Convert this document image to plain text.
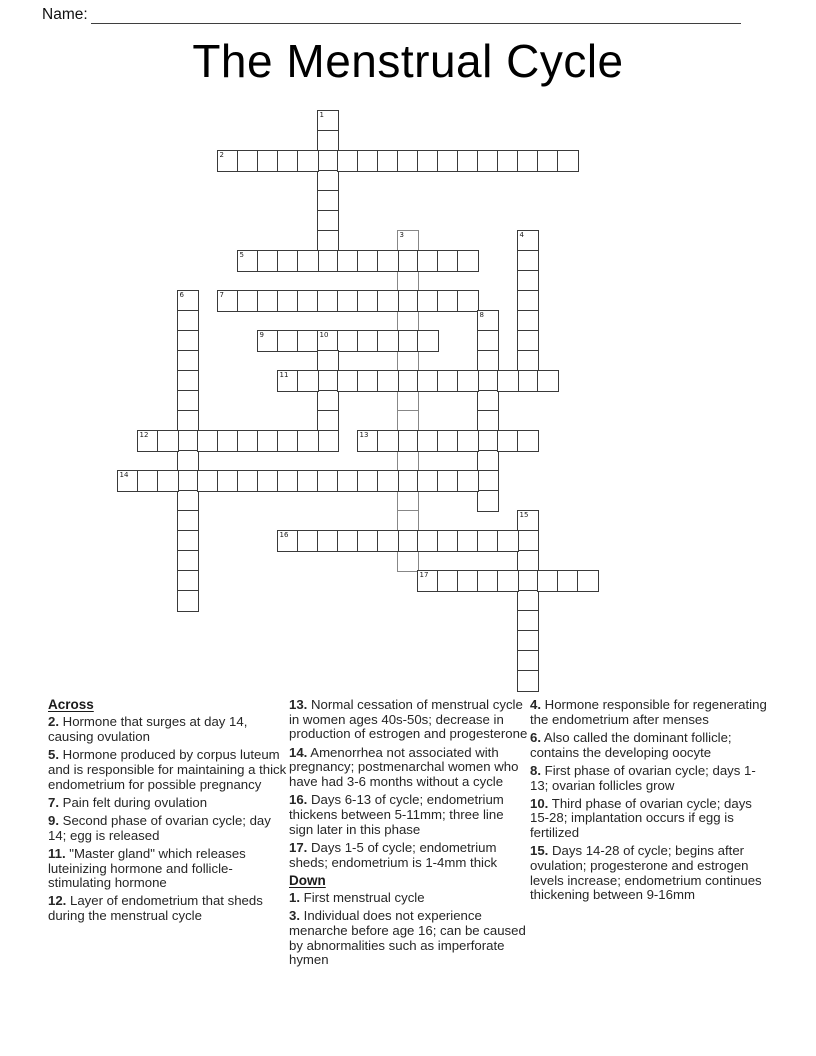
Name:
The Menstrual Cycle
1
2
3	4
5
6	7
8
9	10
11
12	13
14
15
16
17
Across
2. Hormone that surges at day 14, causing ovulation
5. Hormone produced by corpus luteum and is responsible for maintaining a thick endometrium for possible pregnancy
7. Pain felt during ovulation
9. Second phase of ovarian cycle; day 14; egg is released
11. "Master gland" which releases luteinizing hormone and follicle-stimulating hormone
12. Layer of endometrium that sheds during the menstrual cycle
13. Normal cessation of menstrual cycle in women ages 40s-50s; decrease in production of estrogen and progesterone
14. Amenorrhea not associated with pregnancy; postmenarchal women who have had 3-6 months without a cycle
16. Days 6-13 of cycle; endometrium thickens between 5-11mm; three line sign later in this phase
17. Days 1-5 of cycle; endometrium sheds; endometrium is 1-4mm thick
Down
1. First menstrual cycle
3. Individual does not experience menarche before age 16; can be caused by abnormalities such as imperforate hymen
4. Hormone responsible for regenerating the endometrium after menses
6. Also called the dominant follicle; contains the developing oocyte
8. First phase of ovarian cycle; days 1-13; ovarian follicles grow
10. Third phase of ovarian cycle; days 15-28; implantation occurs if egg is fertilized
15. Days 14-28 of cycle; begins after ovulation; progesterone and estrogen levels increase; endometrium continues thickening between 9-16mm
